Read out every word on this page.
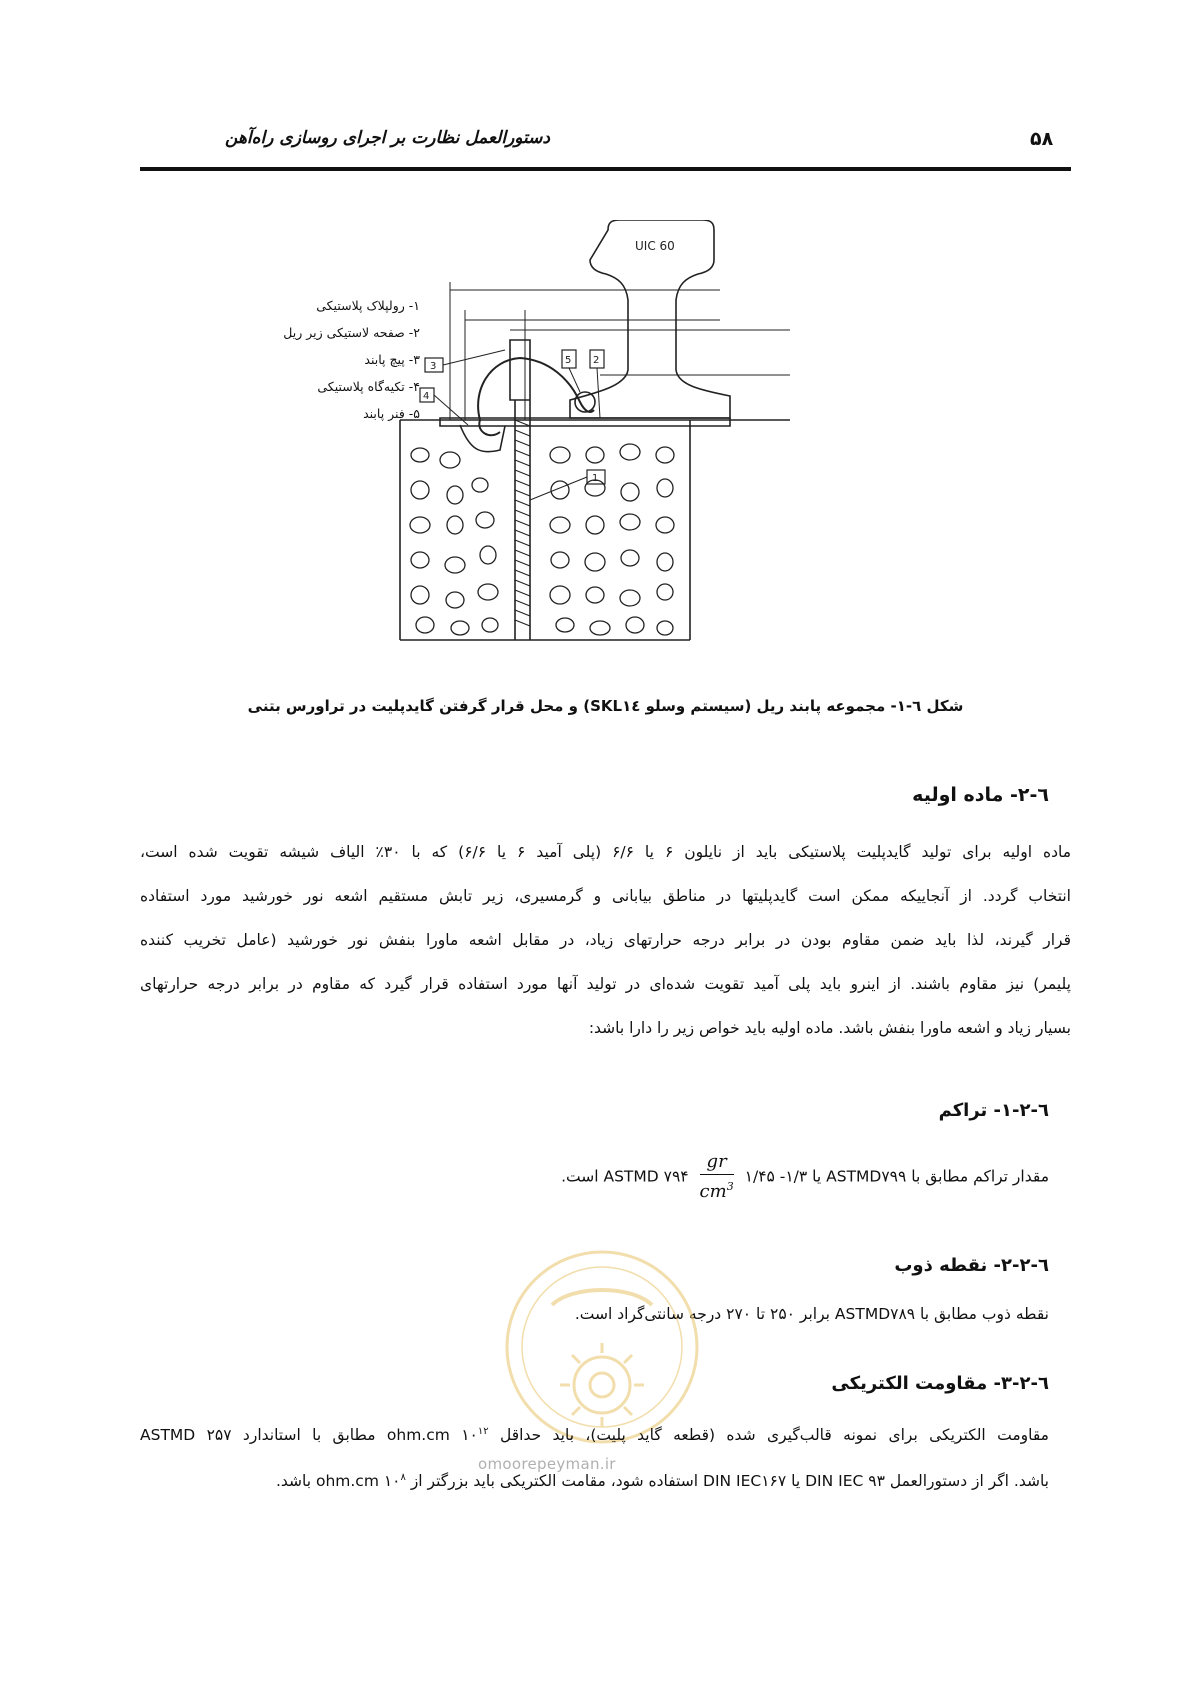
۵۸
دستورالعمل نظارت بر اجرای روسازی راه‌آهن
۱- رولپلاک پلاستیکی
۲- صفحه لاستیکی زیر ریل
۳- پیچ پابند
۴- تکیه‌گاه پلاستیکی
۵- فنر پابند
UIC 60
3
4
5 2
1
شکل ٦-١- مجموعه پابند ریل (سیستم وسلو SKL١٤) و محل قرار گرفتن گایدپلیت در تراورس بتنی
٦-٢- ماده اولیه
ماده اولیه برای تولید گایدپلیت پلاستیکی باید از نایلون ۶ یا ۶/۶ (پلی آمید ۶ یا ۶/۶) که با ۳۰٪ الیاف شیشه تقویت شده است،
انتخاب گردد. از آنجاییکه ممکن است گایدپلیتها در مناطق بیابانی و گرمسیری، زیر تابش مستقیم اشعه نور خورشید مورد استفاده
قرار گیرند، لذا باید ضمن مقاوم بودن در برابر درجه حرارتهای زیاد، در مقابل اشعه ماورا بنفش نور خورشید (عامل تخریب کننده
پلیمر) نیز مقاوم باشند. از اینرو باید پلی آمید تقویت شده‌ای در تولید آنها مورد استفاده قرار گیرد که مقاوم در برابر درجه حرارتهای
بسیار زیاد و اشعه ماورا بنفش باشد. ماده اولیه باید خواص زیر را دارا باشد:
٦-٢-١- تراکم
مقدار تراکم مطابق با ASTMD۷۹۹ یا ASTMD ۷۹۴
$\frac{gr}{cm^3}$
۱/۴۵ -۱/۳ است.
٦-٢-٢- نقطه ذوب
نقطه ذوب مطابق با ASTMD۷۸۹ برابر ۲۵۰ تا ۲۷۰ درجه سانتی‌گراد است.
omoorepeyman.ir
٦-٢-٣- مقاومت الکتریکی
مقاومت الکتریکی برای نمونه قالب‌گیری شده (قطعه گاید پلیت)، باید حداقل ohm.cm $۱۰^{۱۲}$ مطابق با استاندارد ASTMD ۲۵۷
باشد. اگر از دستورالعمل DIN IEC ۹۳ یا DIN IEC۱۶۷ استفاده شود، مقامت الکتریکی باید بزرگتر از ohm.cm $۱۰^۸$ باشد.
